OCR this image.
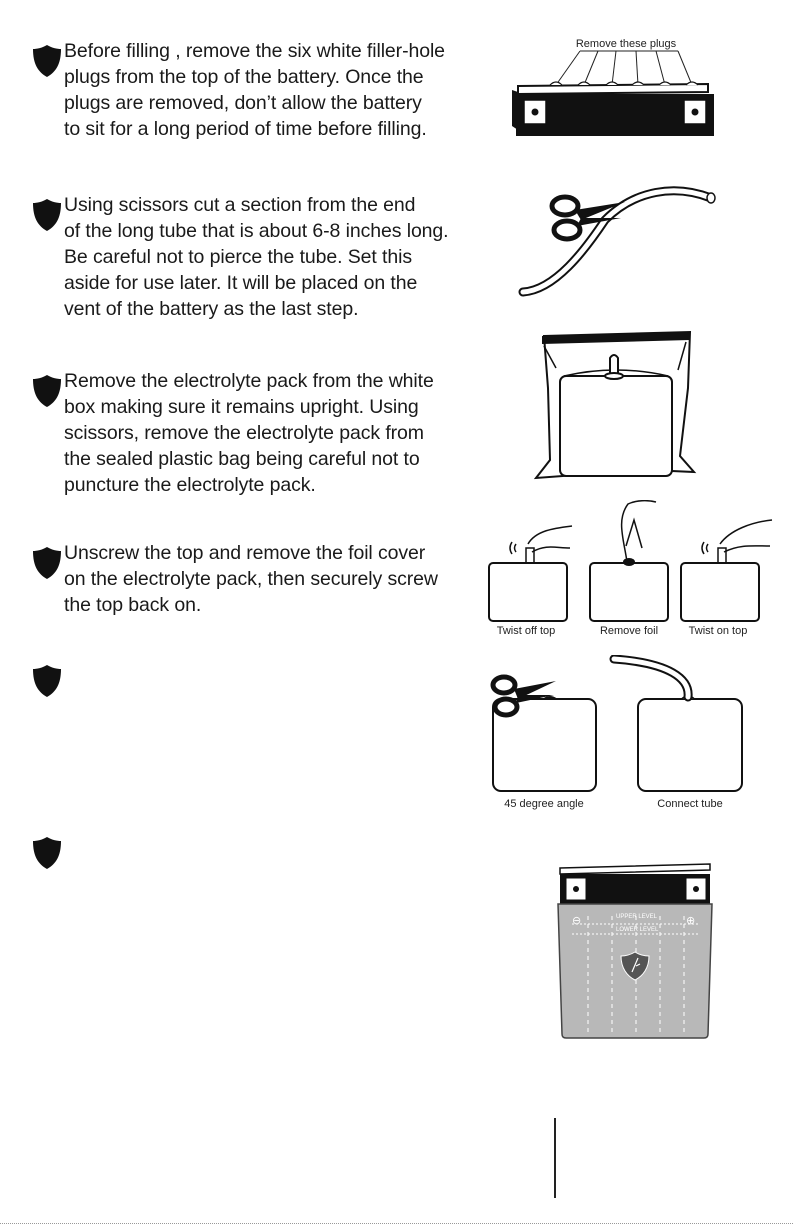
Before filling , remove the six white filler-hole
plugs from the top of the battery. Once the
plugs are removed, don’t allow the battery
to sit for a long period of time before filling.

Using scissors cut a section from the end
of the long tube that is about 6-8 inches long.
Be careful not to pierce the tube. Set this
aside for use later. It will be placed on the
vent of the battery as the last step.

Remove the electrolyte pack from the white
box making sure it remains upright. Using
scissors, remove the electrolyte pack from
the sealed plastic bag being careful not to
puncture the electrolyte pack.

Unscrew the top and remove the foil cover
on the electrolyte pack, then securely screw
the top back on.

Remove these plugs
Twist off top	Remove foil	Twist on top
45 degree angle	Connect tube
UPPER LEVEL
LOWER LEVEL
⊖	⊕
